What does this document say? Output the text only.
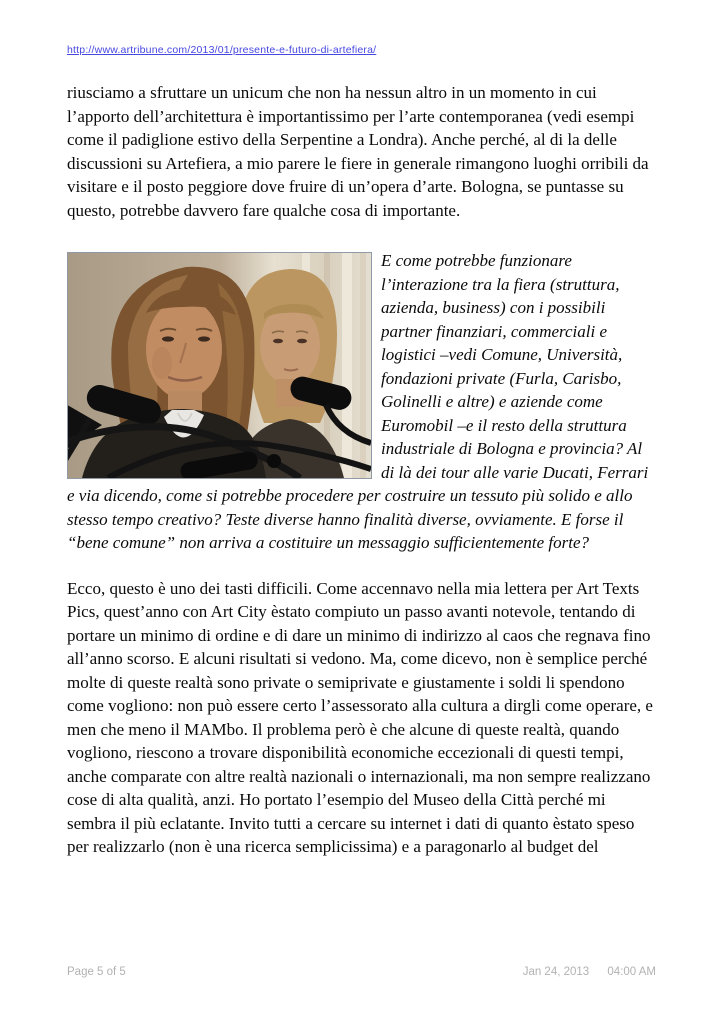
http://www.artribune.com/2013/01/presente-e-futuro-di-artefiera/

riusciamo a sfruttare un unicum che non ha nessun altro in un momento in cui l’apporto dell’architettura è importantissimo per l’arte contemporanea (vedi esempi come il padiglione estivo della Serpentine a Londra). Anche perché, al di la delle discussioni su Artefiera, a mio parere le fiere in generale rimangono luoghi orribili da visitare e il posto peggiore dove fruire di un’opera d’arte. Bologna, se puntasse su questo, potrebbe davvero fare qualche cosa di importante.

E come potrebbe funzionare l’interazione tra la fiera (struttura, azienda, business) con i possibili partner finanziari, commerciali e logistici –vedi Comune, Università, fondazioni private (Furla, Carisbo, Golinelli e altre) e aziende come Euromobil –e il resto della struttura industriale di Bologna e provincia? Al di là dei tour alle varie Ducati, Ferrari e via dicendo, come si potrebbe procedere per costruire un tessuto più solido e allo stesso tempo creativo? Teste diverse hanno finalità diverse, ovviamente. E forse il “bene comune” non arriva a costituire un messaggio sufficientemente forte?

Ecco, questo è uno dei tasti difficili. Come accennavo nella mia lettera per Art Texts Pics, quest’anno con Art City èstato compiuto un passo avanti notevole, tentando di portare un minimo di ordine e di dare un minimo di indirizzo al caos che regnava fino all’anno scorso. E alcuni risultati si vedono. Ma, come dicevo, non è semplice perché molte di queste realtà sono private o semiprivate e giustamente i soldi li spendono come vogliono: non può essere certo l’assessorato alla cultura a dirgli come operare, e men che meno il MAMbo. Il problema però è che alcune di queste realtà, quando vogliono, riescono a trovare disponibilità economiche eccezionali di questi tempi, anche comparate con altre realtà nazionali o internazionali, ma non sempre realizzano cose di alta qualità, anzi. Ho portato l’esempio del Museo della Città perché mi sembra il più eclatante. Invito tutti a cercare su internet i dati di quanto èstato speso per realizzarlo (non è una ricerca semplicissima) e a paragonarlo al budget del

Page 5 of 5	Jan 24, 2013 04:00 AM
